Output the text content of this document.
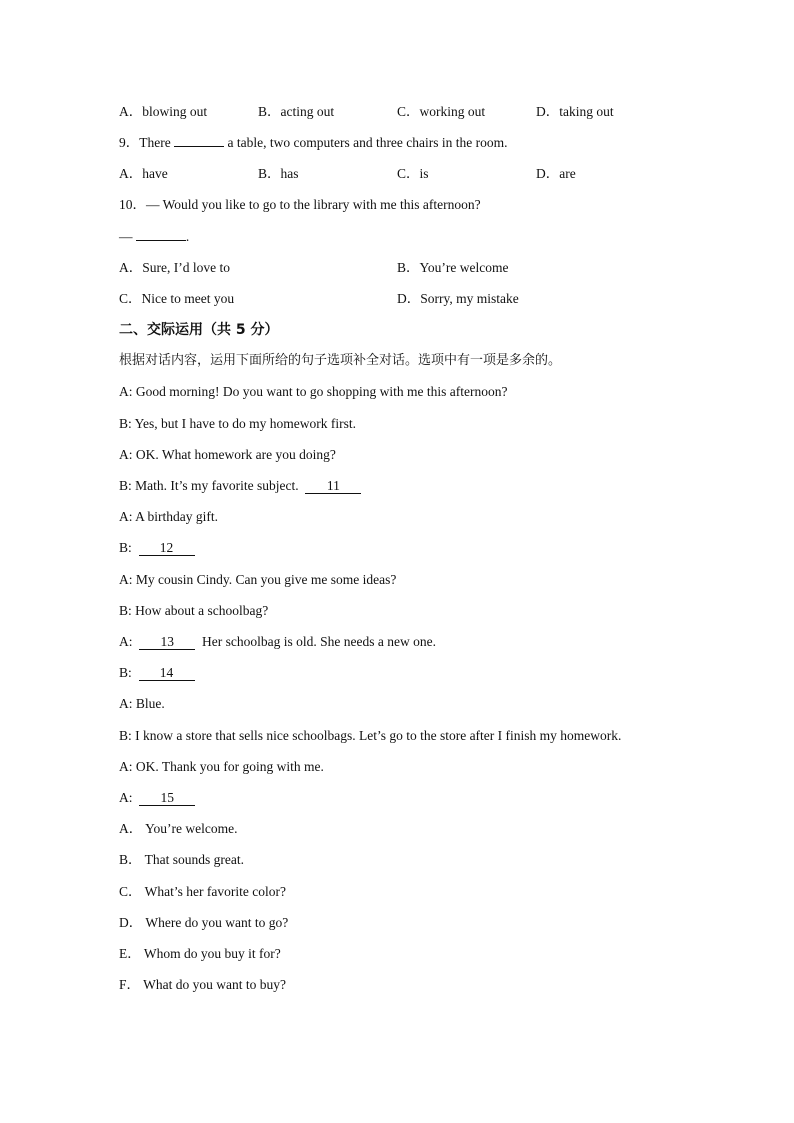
A．blowing out	B．acting out	C．working out	D．taking out
9．There	a table, two computers and three chairs in the room.
A．have	B．has	C．is	D．are
10．— Would you like to go to the library with me this afternoon?
—	.
A．Sure, I’d love to	B．You’re welcome
C．Nice to meet you	D．Sorry, my mistake
二、交际运用（共 5 分）
根据对话内容，运用下面所给的句子选项补全对话。选项中有一项是多余的。
A: Good morning! Do you want to go shopping with me this afternoon?
B: Yes, but I have to do my homework first.
A: OK. What homework are you doing?
B: Math. It’s my favorite subject. 11
A: A birthday gift.
B: 12
A: My cousin Cindy. Can you give me some ideas?
B: How about a schoolbag?
A: 13 Her schoolbag is old. She needs a new one.
B: 14
A: Blue.
B: I know a store that sells nice schoolbags. Let’s go to the store after I finish my homework.
A: OK. Thank you for going with me.
A: 15
A． You’re welcome.
B． That sounds great.
C． What’s her favorite color?
D． Where do you want to go?
E． Whom do you buy it for?
F． What do you want to buy?
